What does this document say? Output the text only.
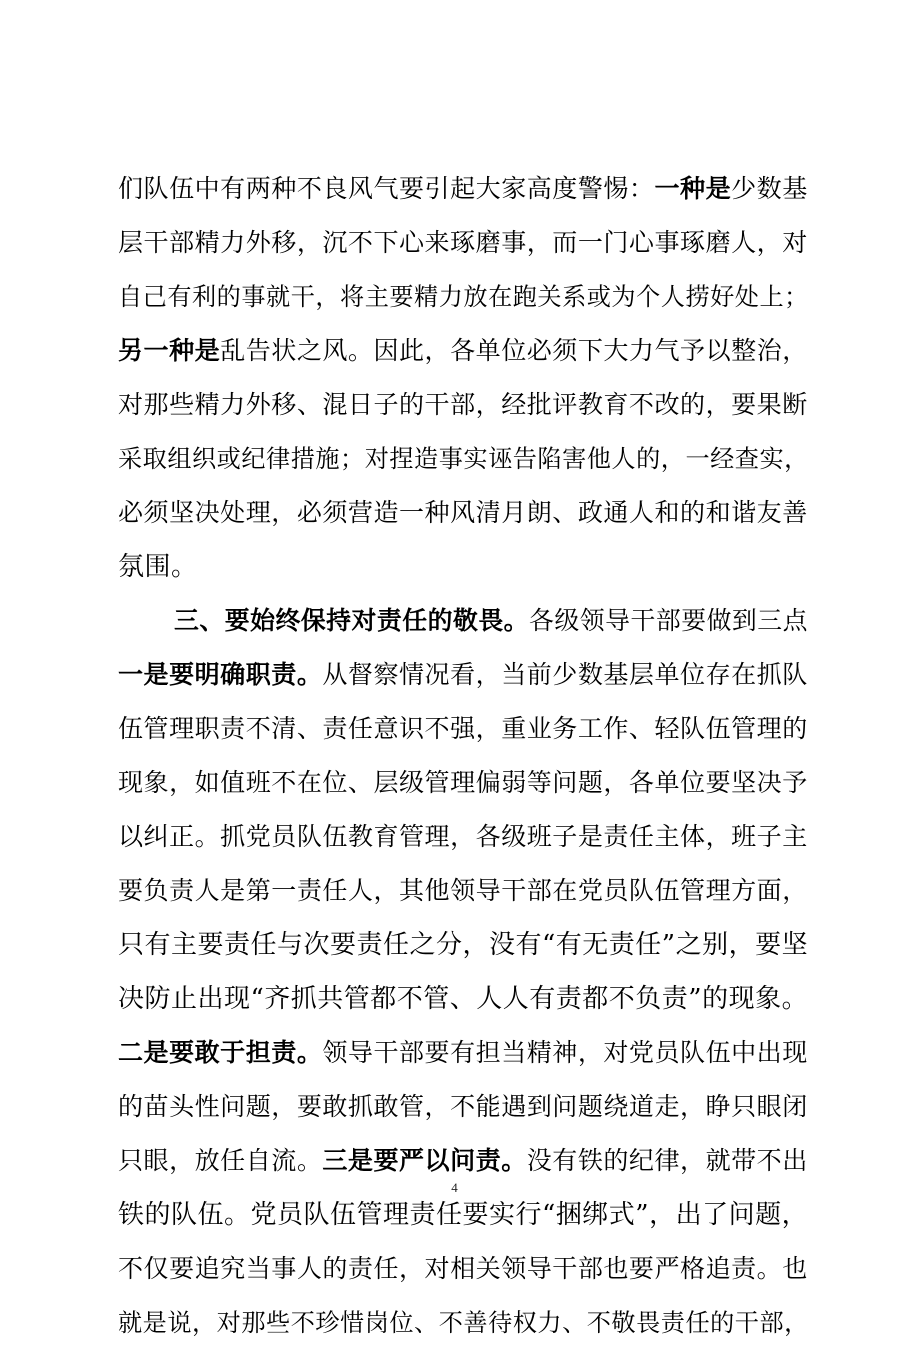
们队伍中有两种不良风气要引起大家高度警惕：一种是少数基
层干部精力外移，沉不下心来琢磨事，而一门心事琢磨人，对
自己有利的事就干，将主要精力放在跑关系或为个人捞好处上；
另一种是乱告状之风。因此，各单位必须下大力气予以整治，
对那些精力外移、混日子的干部，经批评教育不改的，要果断
采取组织或纪律措施；对捏造事实诬告陷害他人的，一经查实，
必须坚决处理，必须营造一种风清月朗、政通人和的和谐友善
氛围。
三、要始终保持对责任的敬畏。各级领导干部要做到三点
一是要明确职责。从督察情况看，当前少数基层单位存在抓队
伍管理职责不清、责任意识不强，重业务工作、轻队伍管理的
现象，如值班不在位、层级管理偏弱等问题，各单位要坚决予
以纠正。抓党员队伍教育管理，各级班子是责任主体，班子主
要负责人是第一责任人，其他领导干部在党员队伍管理方面，
只有主要责任与次要责任之分，没有“有无责任”之别，要坚
决防止出现“齐抓共管都不管、人人有责都不负责”的现象。
二是要敢于担责。领导干部要有担当精神，对党员队伍中出现
的苗头性问题，要敢抓敢管，不能遇到问题绕道走，睁只眼闭
只眼，放任自流。三是要严以问责。没有铁的纪律，就带不出
铁的队伍。党员队伍管理责任要实行“捆绑式”，出了问题，
不仅要追究当事人的责任，对相关领导干部也要严格追责。也
就是说，对那些不珍惜岗位、不善待权力、不敬畏责任的干部，
4
